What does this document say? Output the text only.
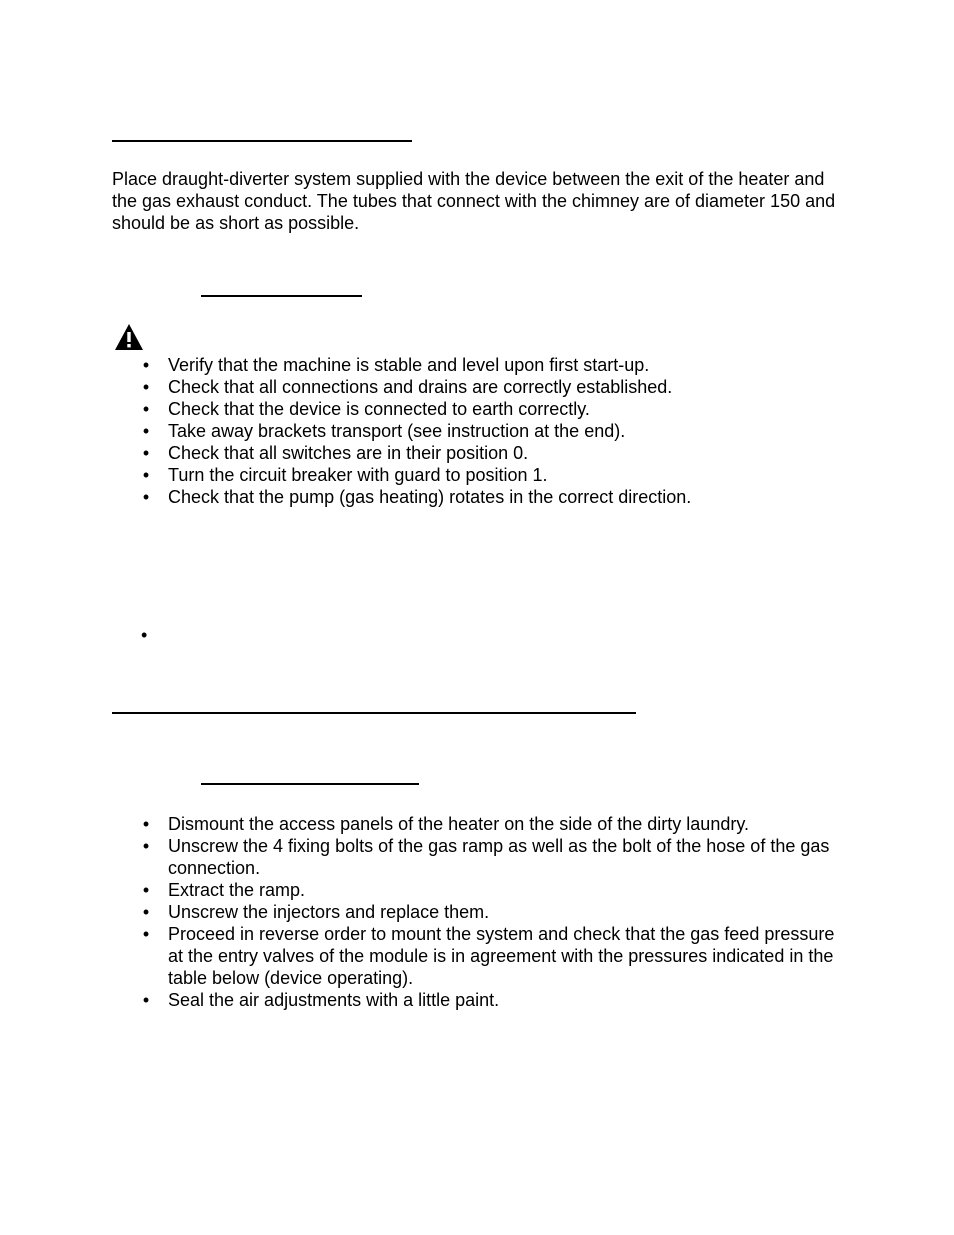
Place draught-diverter system supplied with the device between the exit of the heater and the gas exhaust conduct. The tubes that connect with the chimney are of diameter 150 and should be as short as possible.

• Verify that the machine is stable and level upon first start-up.
• Check that all connections and drains are correctly established.
• Check that the device is connected to earth correctly.
• Take away brackets transport (see instruction at the end).
• Check that all switches are in their position 0.
• Turn the circuit breaker with guard to position 1.
• Check that the pump (gas heating) rotates in the correct direction.
•
• Dismount the access panels of the heater on the side of the dirty laundry.
• Unscrew the 4 fixing bolts of the gas ramp as well as the bolt of the hose of the gas connection.
• Extract the ramp.
• Unscrew the injectors and replace them.
• Proceed in reverse order to mount the system and check that the gas feed pressure at the entry valves of the module is in agreement with the pressures indicated in the table below (device operating).
• Seal the air adjustments with a little paint.
